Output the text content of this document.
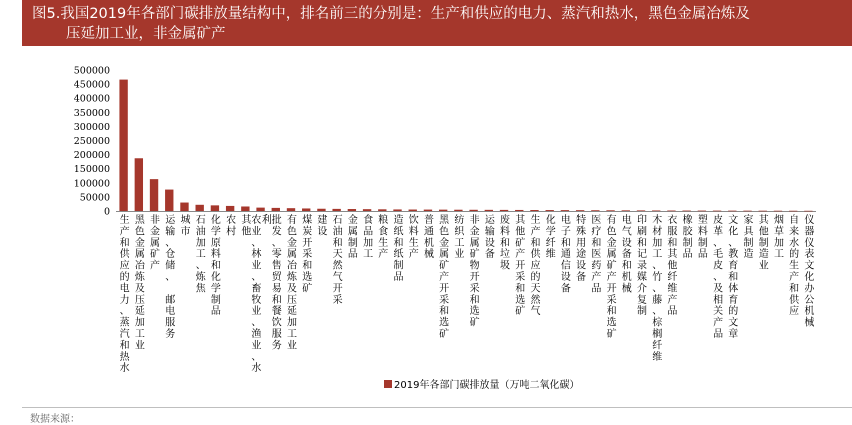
图5.我国2019年各部门碳排放量结构中，排名前三的分别是：生产和供应的电力、蒸汽和热水，黑色金属冶炼及
压延加工业，非金属矿产
500000
450000
400000
350000
300000
250000
200000
150000
100000
50000
0
生产和供应的电力、蒸汽和热水
黑色金属冶炼及压延加工业
非金属矿产
运输、仓储、 邮电服务
城市
石油加工、炼焦
化学原料和化学制品
农村
其他
农业、林业、畜牧业、渔业、水利 批发、零售贸易和餐饮服务
有色金属冶炼及压延加工业
煤炭开采和选矿
建设
石油和天然气开采
金属制品
食品加工
粮食生产
造纸和纸制品
饮料生产
普通机械
黑色金属矿产开采和选矿
纺织工业
非金属矿物开采和选矿
运输设备
废料和垃圾
其他矿产开采和选矿
生产和供应的天然气
化学纤维
电子和通信设备
特殊用途设备
医疗和医药产品
有色金属矿产开采和选矿
电气设备和机械
印刷和记录媒介复制
木材加工、竹、藤、棕榈纤维
衣服和其他纤维产品
橡胶制品
塑料制品
皮革、毛皮、及相关产品
文化、教育和体育的文章
家具制造
其他制造业
烟草加工
自来水的生产和供应
仪器仪表文化办公机械
2019年各部门碳排放量（万吨二氧化碳）
数据来源：
